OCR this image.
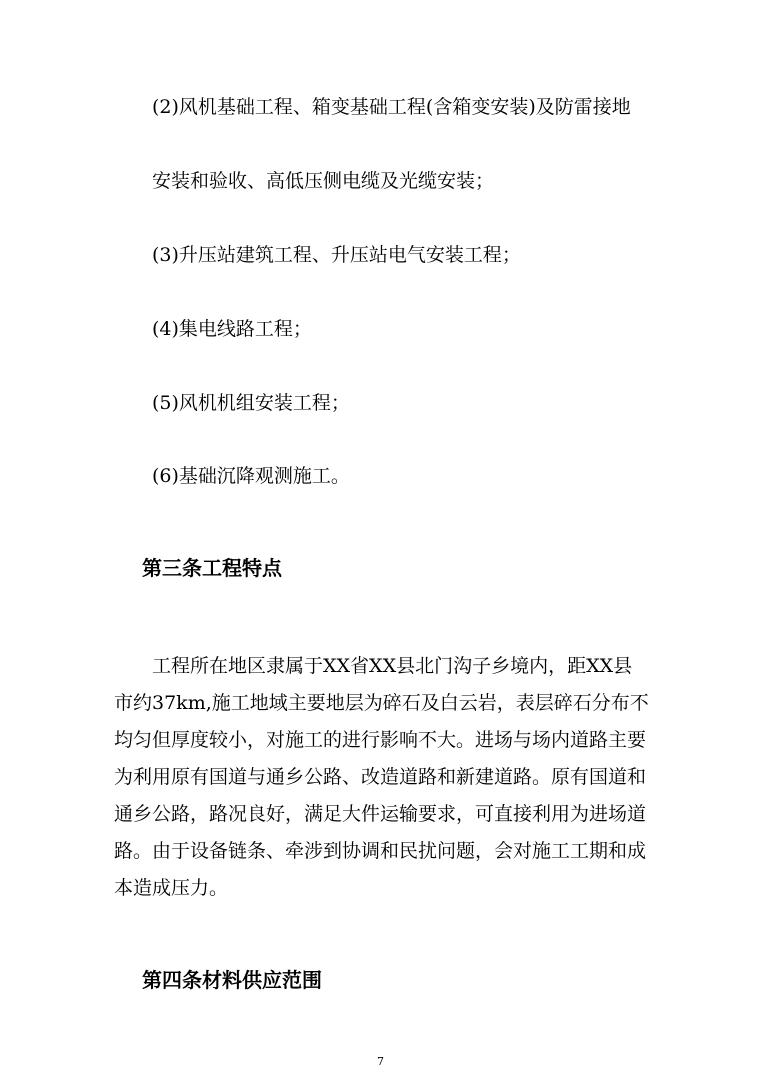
(2)风机基础工程、箱变基础工程(含箱变安装)及防雷接地

安装和验收、高低压侧电缆及光缆安装；

(3)升压站建筑工程、升压站电气安装工程；

(4)集电线路工程；

(5)风机机组安装工程；

(6)基础沉降观测施工。

第三条工程特点
工程所在地区隶属于XX省XX县北门沟子乡境内，距XX县
市约37km,施工地域主要地层为碎石及白云岩，表层碎石分布不
均匀但厚度较小，对施工的进行影响不大。进场与场内道路主要
为利用原有国道与通乡公路、改造道路和新建道路。原有国道和
通乡公路，路况良好，满足大件运输要求，可直接利用为进场道
路。由于设备链条、牵涉到协调和民扰问题，会对施工工期和成
本造成压力。
第四条材料供应范围
7
